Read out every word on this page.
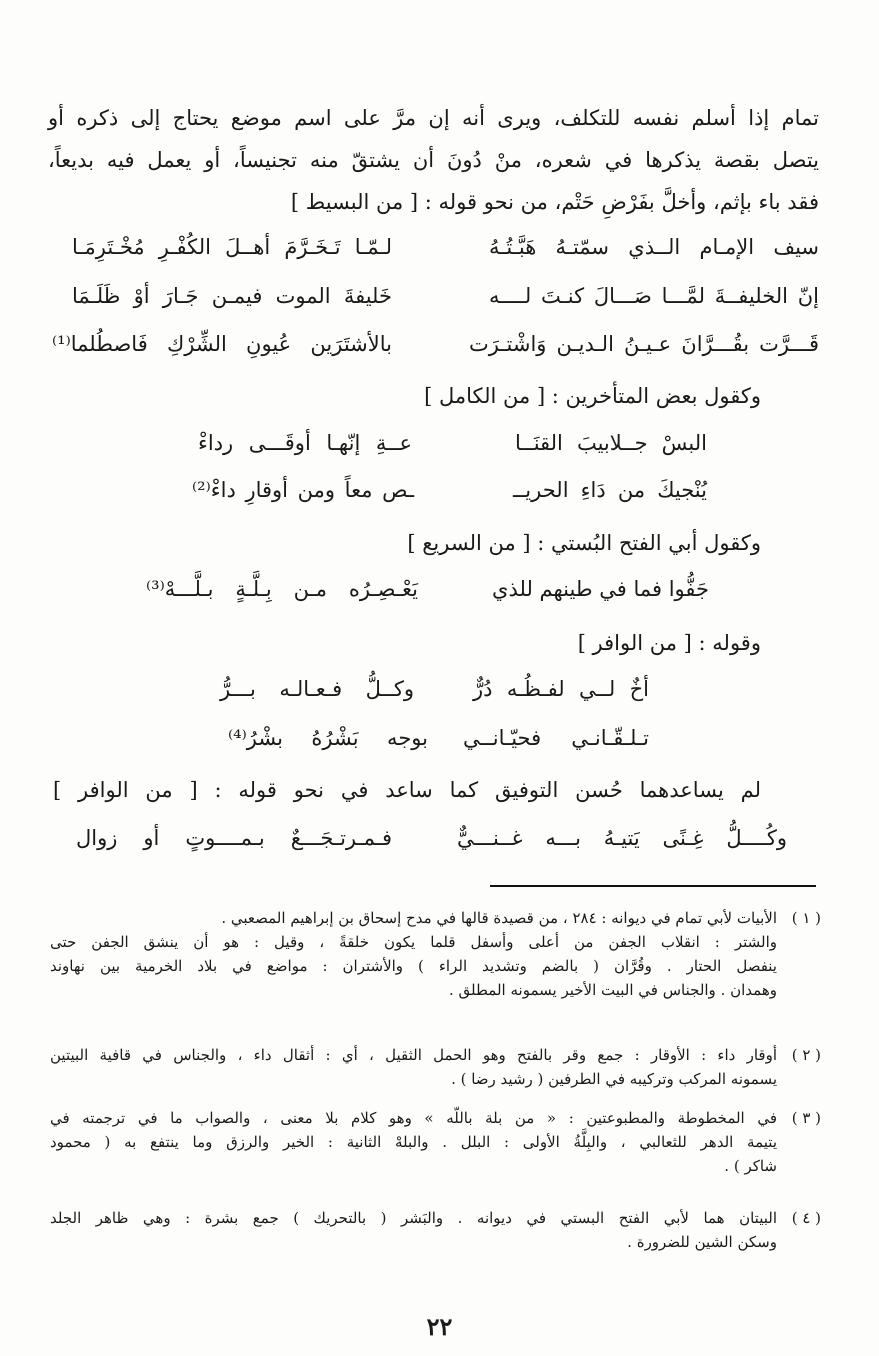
تمام إذا أسلم نفسه للتكلف، ويرى أنه إن مرَّ على اسم موضع يحتاج إلى ذكره أو
يتصل بقصة يذكرها في شعره، منْ دُونَ أن يشتقّ منه تجنيساً، أو يعمل فيه بديعاً،
فقد باء بإثم، وأخلَّ بفَرْضِ حَتْم، من نحو قوله : [ من البسيط ]
سيف الإمـام الــذي سمّتـهُ هَبَّـتُـهُ
لـمّـا تَـخَـرَّمَ أهــلَ الكُفْـرِ مُخْـتَرِمَـا
إنّ الخليفــةَ لمَّـــا صَـــالَ كنـتَ لــــه
خَليفةَ الموت فيمـن جَـارَ أوْ ظَلَـمَا
قَـــرَّت بقُـــرَّانَ عـيـنُ الـديـن وَاشْتـرَت
بالأشتَرَين عُيونِ الشِّرْكِ فَاصطُلما⁽¹⁾
وكقول بعض المتأخرين : [ من الكامل ]
البسْ جــلابيبَ القنَــا
عــةِ إنّهـا أوقَـــى رداءْ
يُنْجيكَ من دَاءِ الحريــ
ـص معاً ومن أوقارِ داءْ⁽²⁾
وكقول أبي الفتح البُستي : [ من السريع ]
جَفُّوا فما في طينهم للذي
يَعْـصِـرُه مـن بِـلَّـةٍ بـلَّـــهْ⁽³⁾
وقوله : [ من الوافر ]
أخٌ لــي لفـظُـه دُرٌّ
وكــلُّ فـعـالـه بـــرُّ
تـلـقّـانـي فحيّـانــي
بوجه بَشْرُهُ بشْرُ⁽⁴⁾
لم يساعدهما حُسن التوفيق كما ساعد في نحو قوله : [ من الوافر ]
وكُــــلُّ غِـنًى يَتيـهُ بـــه غــنـــيٌّ
فـمـرتـجَـــعٌ بـمــــوتٍ أو زوال
( ١ )
الأبيات لأبي تمام في ديوانه : ٢٨٤ ، من قصيدة قالها في مدح إسحاق بن إبراهيم المصعبي .
والشتر : انقلاب الجفن من أعلى وأسفل قلما يكون خلقةً ، وقيل : هو أن ينشق الجفن حتى
ينفصل الحتار . وقُرَّان ( بالضم وتشديد الراء ) والأشتران : مواضع في بلاد الخرمية بين نهاوند
وهمدان . والجناس في البيت الأخير يسمونه المطلق .
( ٢ )
أوقار داء : الأوقار : جمع وقر بالفتح وهو الحمل الثقيل ، أي : أثقال داء ، والجناس في قافية البيتين
يسمونه المركب وتركيبه في الطرفين ( رشيد رضا ) .
( ٣ )
في المخطوطة والمطبوعتين : « من بلة باللّه » وهو كلام بلا معنى ، والصواب ما في ترجمته في
يتيمة الدهر للثعالبي ، والبِلَّةُ الأولى : البلل . والبلهْ الثانية : الخير والرزق وما ينتفع به ( محمود
شاكر ) .
( ٤ )
البيتان هما لأبي الفتح البستي في ديوانه . والبَشر ( بالتحريك ) جمع بشرة : وهي ظاهر الجلد
وسكن الشين للضرورة .
٢٢
